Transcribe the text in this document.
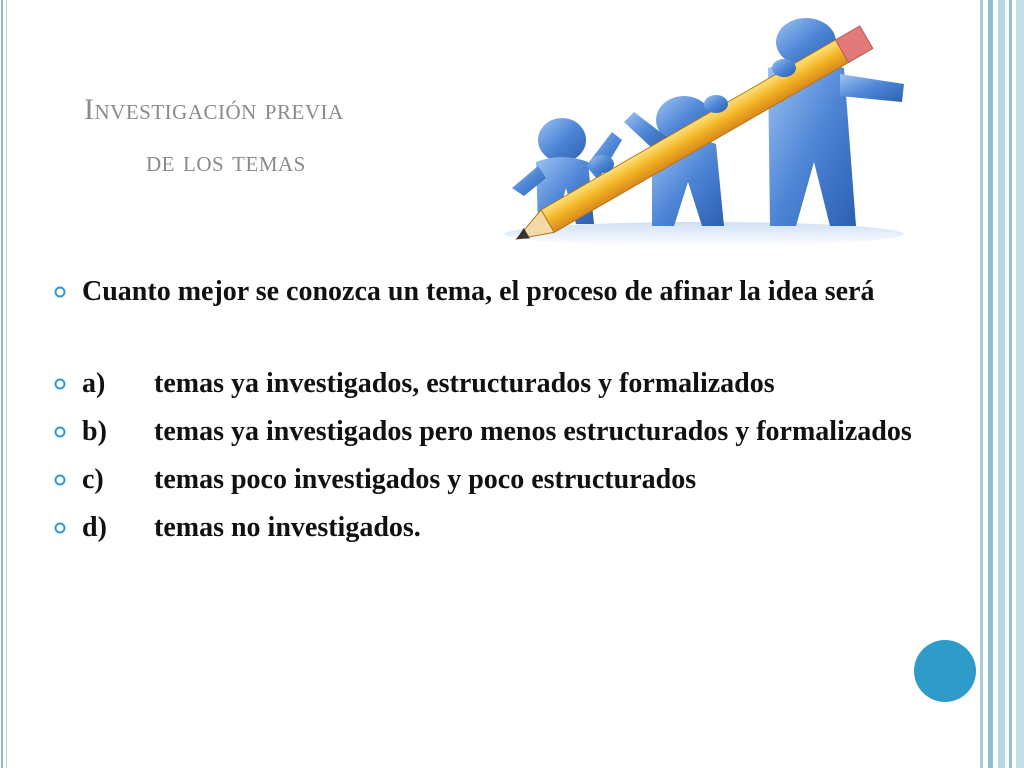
Investigación previa
de los temas
Cuanto mejor se conozca un tema, el proceso de afinar la idea será
a) temas ya investigados, estructurados y formalizados
b) temas ya investigados pero menos estructurados y formalizados
c) temas poco investigados y poco estructurados
d) temas no investigados.
